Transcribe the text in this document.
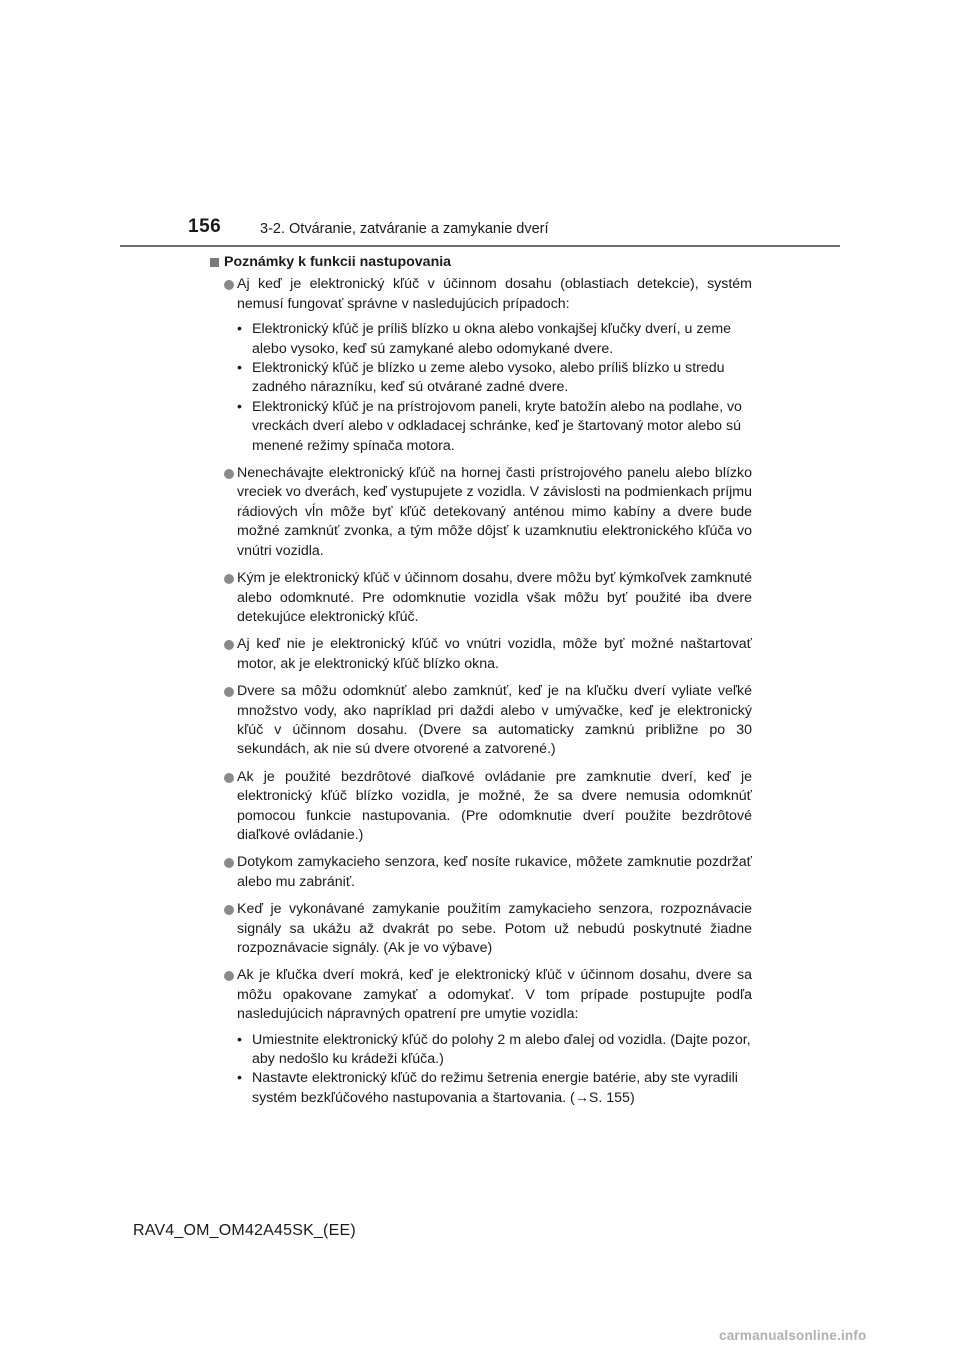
156	3-2. Otváranie, zatváranie a zamykanie dverí
Poznámky k funkcii nastupovania
Aj keď je elektronický kľúč v účinnom dosahu (oblastiach detekcie), systém nemusí fungovať správne v nasledujúcich prípadoch:
• Elektronický kľúč je príliš blízko u okna alebo vonkajšej kľučky dverí, u zeme alebo vysoko, keď sú zamykané alebo odomykané dvere.
• Elektronický kľúč je blízko u zeme alebo vysoko, alebo príliš blízko u stredu zadného nárazníku, keď sú otvárané zadné dvere.
• Elektronický kľúč je na prístrojovom paneli, kryte batožín alebo na podlahe, vo vreckách dverí alebo v odkladacej schránke, keď je štartovaný motor alebo sú menené režimy spínača motora.
Nenechávajte elektronický kľúč na hornej časti prístrojového panelu alebo blízko vreciek vo dverách, keď vystupujete z vozidla. V závislosti na podmienkach príjmu rádiových vĺn môže byť kľúč detekovaný anténou mimo kabíny a dvere bude možné zamknúť zvonka, a tým môže dôjsť k uzamknutiu elektronického kľúča vo vnútri vozidla.
Kým je elektronický kľúč v účinnom dosahu, dvere môžu byť kýmkoľvek zamknuté alebo odomknuté. Pre odomknutie vozidla však môžu byť použité iba dvere detekujúce elektronický kľúč.
Aj keď nie je elektronický kľúč vo vnútri vozidla, môže byť možné naštartovať motor, ak je elektronický kľúč blízko okna.
Dvere sa môžu odomknúť alebo zamknúť, keď je na kľučku dverí vyliate veľké množstvo vody, ako napríklad pri daždi alebo v umývačke, keď je elektronický kľúč v účinnom dosahu. (Dvere sa automaticky zamknú približne po 30 sekundách, ak nie sú dvere otvorené a zatvorené.)
Ak je použité bezdrôtové diaľkové ovládanie pre zamknutie dverí, keď je elektronický kľúč blízko vozidla, je možné, že sa dvere nemusia odomknúť pomocou funkcie nastupovania. (Pre odomknutie dverí použite bezdrôtové diaľkové ovládanie.)
Dotykom zamykacieho senzora, keď nosíte rukavice, môžete zamknutie pozdržať alebo mu zabrániť.
Keď je vykonávané zamykanie použitím zamykacieho senzora, rozpoznávacie signály sa ukážu až dvakrát po sebe. Potom už nebudú poskytnuté žiadne rozpoznávacie signály. (Ak je vo výbave)
Ak je kľučka dverí mokrá, keď je elektronický kľúč v účinnom dosahu, dvere sa môžu opakovane zamykať a odomykať. V tom prípade postupujte podľa nasledujúcich nápravných opatrení pre umytie vozidla:
• Umiestnite elektronický kľúč do polohy 2 m alebo ďalej od vozidla. (Dajte pozor, aby nedošlo ku krádeži kľúča.)
• Nastavte elektronický kľúč do režimu šetrenia energie batérie, aby ste vyradili systém bezkľúčového nastupovania a štartovania. (→S. 155)
RAV4_OM_OM42A45SK_(EE)
carmanualsonline.info
